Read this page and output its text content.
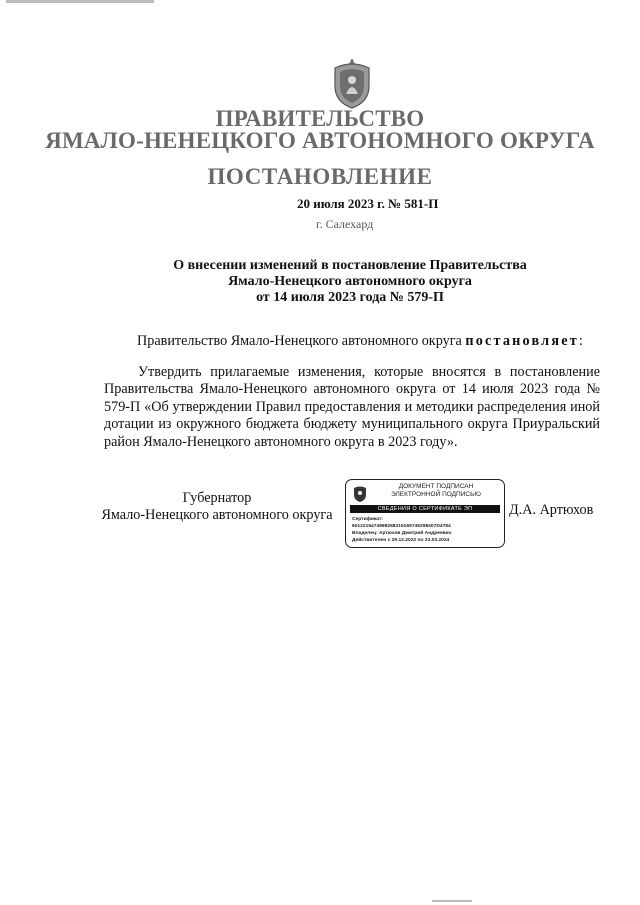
ПРАВИТЕЛЬСТВО
ЯМАЛО-НЕНЕЦКОГО АВТОНОМНОГО ОКРУГА
ПОСТАНОВЛЕНИЕ
20 июля 2023 г. № 581-П
г. Салехард
О внесении изменений в постановление Правительства
Ямало-Ненецкого автономного округа
от 14 июля 2023 года № 579-П
Правительство Ямало-Ненецкого автономного округа постановляет:

Утвердить прилагаемые изменения, которые вносятся в постановление Правительства Ямало-Ненецкого автономного округа от 14 июля 2023 года № 579-П «Об утверждении Правил предоставления и методики распределения иной дотации из окружного бюджета бюджету муниципального округа Приуральский район Ямало-Ненецкого автономного округа в 2023 году».

Губернатор
Ямало-Ненецкого автономного округа
ДОКУМЕНТ ПОДПИСАН
ЭЛЕКТРОННОЙ ПОДПИСЬЮ
СВЕДЕНИЯ О СЕРТИФИКАТЕ ЭП
Сертификат:
6012215474998268315169745298407D4784
Владелец: Артюхов Дмитрий Андреевич
Действителен с 29.12.2022 по 23.03.2024
Д.А. Артюхов
